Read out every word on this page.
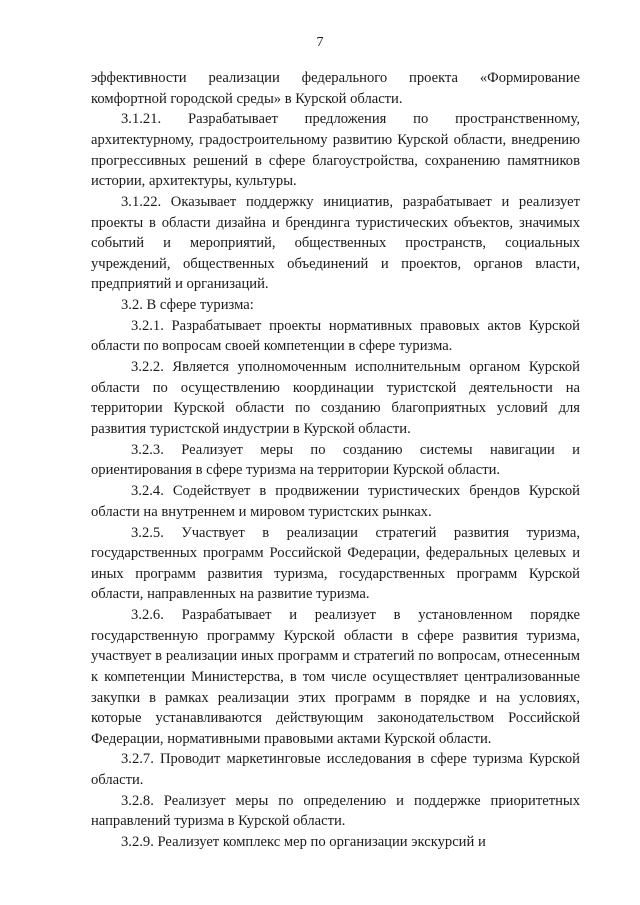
7

эффективности реализации федерального проекта «Формирование комфортной городской среды» в Курской области.

3.1.21. Разрабатывает предложения по пространственному, архитектурному, градостроительному развитию Курской области, внедрению прогрессивных решений в сфере благоустройства, сохранению памятников истории, архитектуры, культуры.

3.1.22. Оказывает поддержку инициатив, разрабатывает и реализует проекты в области дизайна и брендинга туристических объектов, значимых событий и мероприятий, общественных пространств, социальных учреждений, общественных объединений и проектов, органов власти, предприятий и организаций.

3.2. В сфере туризма:

3.2.1. Разрабатывает проекты нормативных правовых актов Курской области по вопросам своей компетенции в сфере туризма.

3.2.2. Является уполномоченным исполнительным органом Курской области по осуществлению координации туристской деятельности на территории Курской области по созданию благоприятных условий для развития туристской индустрии в Курской области.

3.2.3. Реализует меры по созданию системы навигации и ориентирования в сфере туризма на территории Курской области.

3.2.4. Содействует в продвижении туристических брендов Курской области на внутреннем и мировом туристских рынках.

3.2.5. Участвует в реализации стратегий развития туризма, государственных программ Российской Федерации, федеральных целевых и иных программ развития туризма, государственных программ Курской области, направленных на развитие туризма.

3.2.6. Разрабатывает и реализует в установленном порядке государственную программу Курской области в сфере развития туризма, участвует в реализации иных программ и стратегий по вопросам, отнесенным к компетенции Министерства, в том числе осуществляет централизованные закупки в рамках реализации этих программ в порядке и на условиях, которые устанавливаются действующим законодательством Российской Федерации, нормативными правовыми актами Курской области.

3.2.7. Проводит маркетинговые исследования в сфере туризма Курской области.

3.2.8. Реализует меры по определению и поддержке приоритетных направлений туризма в Курской области.

3.2.9. Реализует комплекс мер по организации экскурсий и
